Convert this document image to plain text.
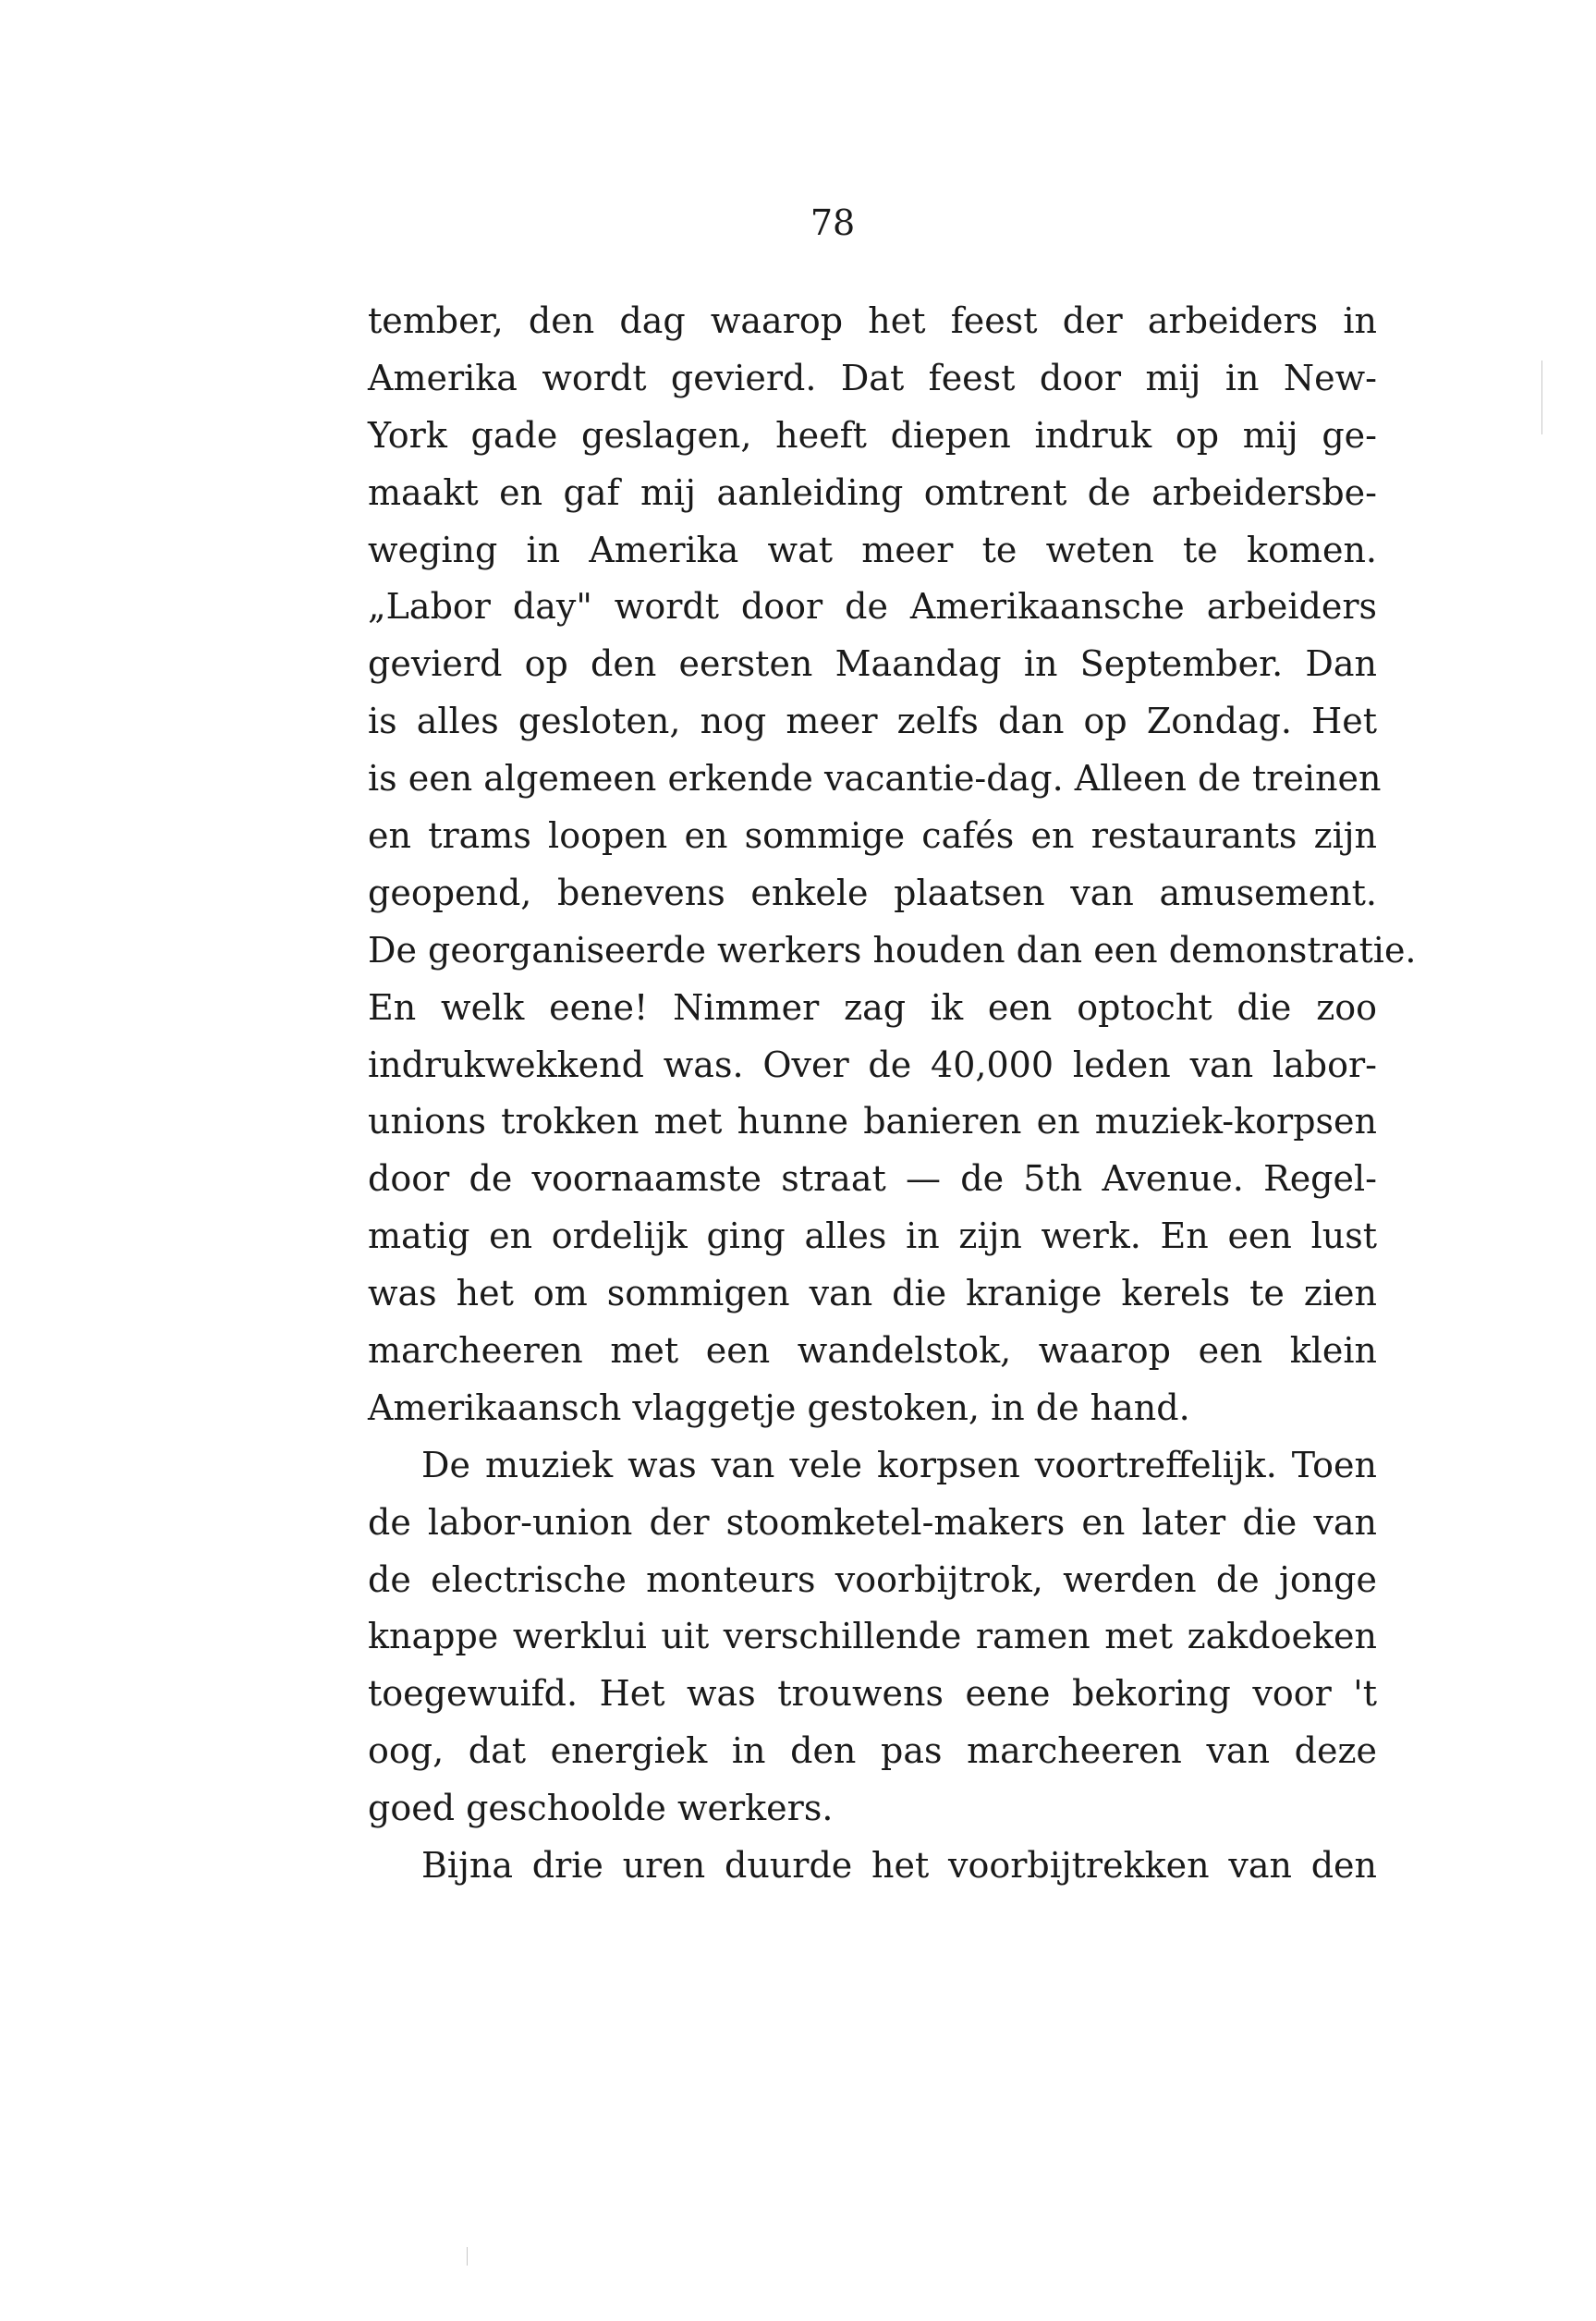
78
tember, den dag waarop het feest der arbeiders in
Amerika wordt gevierd. Dat feest door mij in New-
York gade geslagen, heeft diepen indruk op mij ge-
maakt en gaf mij aanleiding omtrent de arbeidersbe-
weging in Amerika wat meer te weten te komen.
„Labor day" wordt door de Amerikaansche arbeiders
gevierd op den eersten Maandag in September. Dan
is alles gesloten, nog meer zelfs dan op Zondag. Het
is een algemeen erkende vacantie-dag. Alleen de treinen
en trams loopen en sommige cafés en restaurants zijn
geopend, benevens enkele plaatsen van amusement.
De georganiseerde werkers houden dan een demonstratie.
En welk eene! Nimmer zag ik een optocht die zoo
indrukwekkend was. Over de 40,000 leden van labor-
unions trokken met hunne banieren en muziek-korpsen
door de voornaamste straat — de 5th Avenue. Regel-
matig en ordelijk ging alles in zijn werk. En een lust
was het om sommigen van die kranige kerels te zien
marcheeren met een wandelstok, waarop een klein
Amerikaansch vlaggetje gestoken, in de hand.
De muziek was van vele korpsen voortreffelijk. Toen
de labor-union der stoomketel-makers en later die van
de electrische monteurs voorbijtrok, werden de jonge
knappe werklui uit verschillende ramen met zakdoeken
toegewuifd. Het was trouwens eene bekoring voor 't
oog, dat energiek in den pas marcheeren van deze
goed geschoolde werkers.
Bijna drie uren duurde het voorbijtrekken van den
